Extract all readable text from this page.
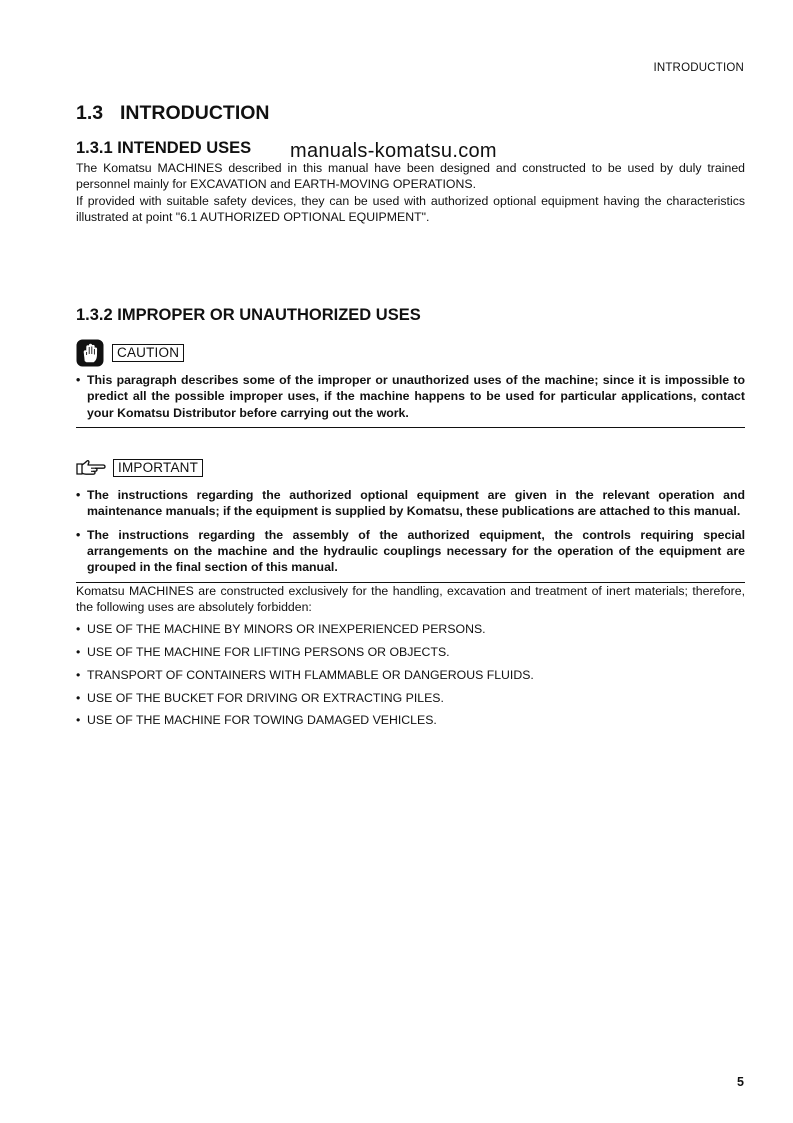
INTRODUCTION
1.3 INTRODUCTION
1.3.1 INTENDED USES	manuals-komatsu.com

The Komatsu MACHINES described in this manual have been designed and constructed to be used by duly trained personnel mainly for EXCAVATION and EARTH-MOVING OPERATIONS.

If provided with suitable safety devices, they can be used with authorized optional equipment having the characteristics illustrated at point "6.1 AUTHORIZED OPTIONAL EQUIPMENT".

1.3.2 IMPROPER OR UNAUTHORIZED USES
CAUTION
• This paragraph describes some of the improper or unauthorized uses of the machine; since it is impossible to predict all the possible improper uses, if the machine happens to be used for particular applications, contact your Komatsu Distributor before carrying out the work.
IMPORTANT
• The instructions regarding the authorized optional equipment are given in the relevant operation and maintenance manuals; if the equipment is supplied by Komatsu, these publications are attached to this manual.
• The instructions regarding the assembly of the authorized equipment, the controls requiring special arrangements on the machine and the hydraulic couplings necessary for the operation of the equipment are grouped in the final section of this manual.

Komatsu MACHINES are constructed exclusively for the handling, excavation and treatment of inert materials; therefore, the following uses are absolutely forbidden:

• USE OF THE MACHINE BY MINORS OR INEXPERIENCED PERSONS.
• USE OF THE MACHINE FOR LIFTING PERSONS OR OBJECTS.
• TRANSPORT OF CONTAINERS WITH FLAMMABLE OR DANGEROUS FLUIDS.
• USE OF THE BUCKET FOR DRIVING OR EXTRACTING PILES.
• USE OF THE MACHINE FOR TOWING DAMAGED VEHICLES.
5
